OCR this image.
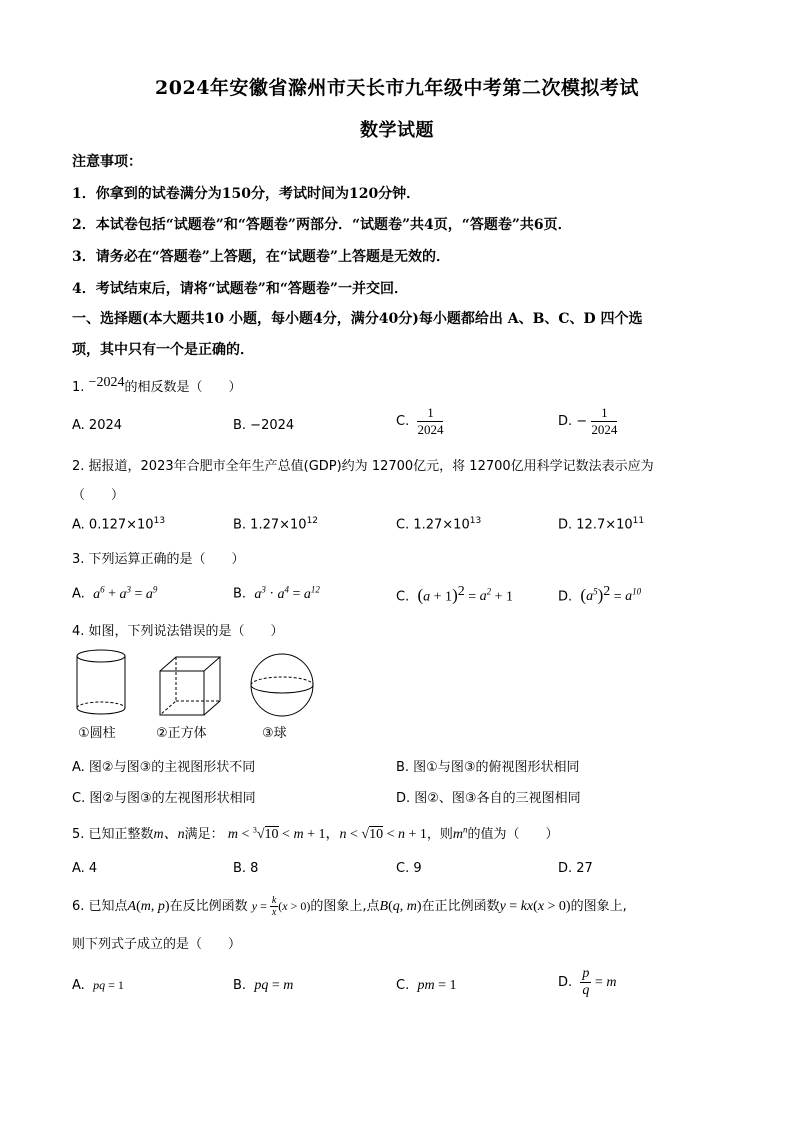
2024年安徽省滁州市天长市九年级中考第二次模拟考试
数学试题
注意事项：
1．你拿到的试卷满分为150分，考试时间为120分钟．
2．本试卷包括“试题卷”和“答题卷”两部分．“试题卷”共4页，“答题卷”共6页．
3．请务必在“答题卷”上答题，在“试题卷”上答题是无效的．
4．考试结束后，请将“试题卷”和“答题卷”一并交回．
一、选择题(本大题共10 小题，每小题4分，满分40分)每小题都给出 A、B、C、D 四个选
项，其中只有一个是正确的．
1. −2024的相反数是（　　）
A. 2024	B. −2024	C. $\frac{1}{2024}$	D. − $\frac{1}{2024}$
2. 据报道，2023年合肥市全年生产总值(GDP)约为 12700亿元，将 12700亿用科学记数法表示应为
（　　）
A. $0.127\times 10^{13}$	B. $1.27\times 10^{12}$	C. $1.27\times 10^{13}$	D. $12.7\times 10^{11}$
3. 下列运算正确的是（　　）
A. $a^6 + a^3 = a^9$	B. $a^3 \cdot a^4 = a^{12}$
C. $(a + 1)^2 = a^2 + 1$	D. $(a^5)^2 = a^{10}$
4. 如图，下列说法错误的是（　　）
①圆柱	②正方体	③球
A. 图②与图③的主视图形状不同	B. 图①与图③的俯视图形状相同
C. 图②与图③的左视图形状相同	D. 图②、图③各自的三视图相同
5. 已知正整数m、n满足： m < $^3$√10 < m + 1，n < √10 < n + 1，则$m^n$的值为（　　）
A. 4	B. 8	C. 9	D. 27
6. 已知点A(m, p)在反比例函数 $y = \frac{k}{x} (x > 0)$的图象上,点B(q, m)在正比例函数y = kx(x > 0)的图象上,
则下列式子成立的是（　　）
A. pq = 1	B. pq = m	C. pm = 1	D. $\frac{p}{q} = m$
